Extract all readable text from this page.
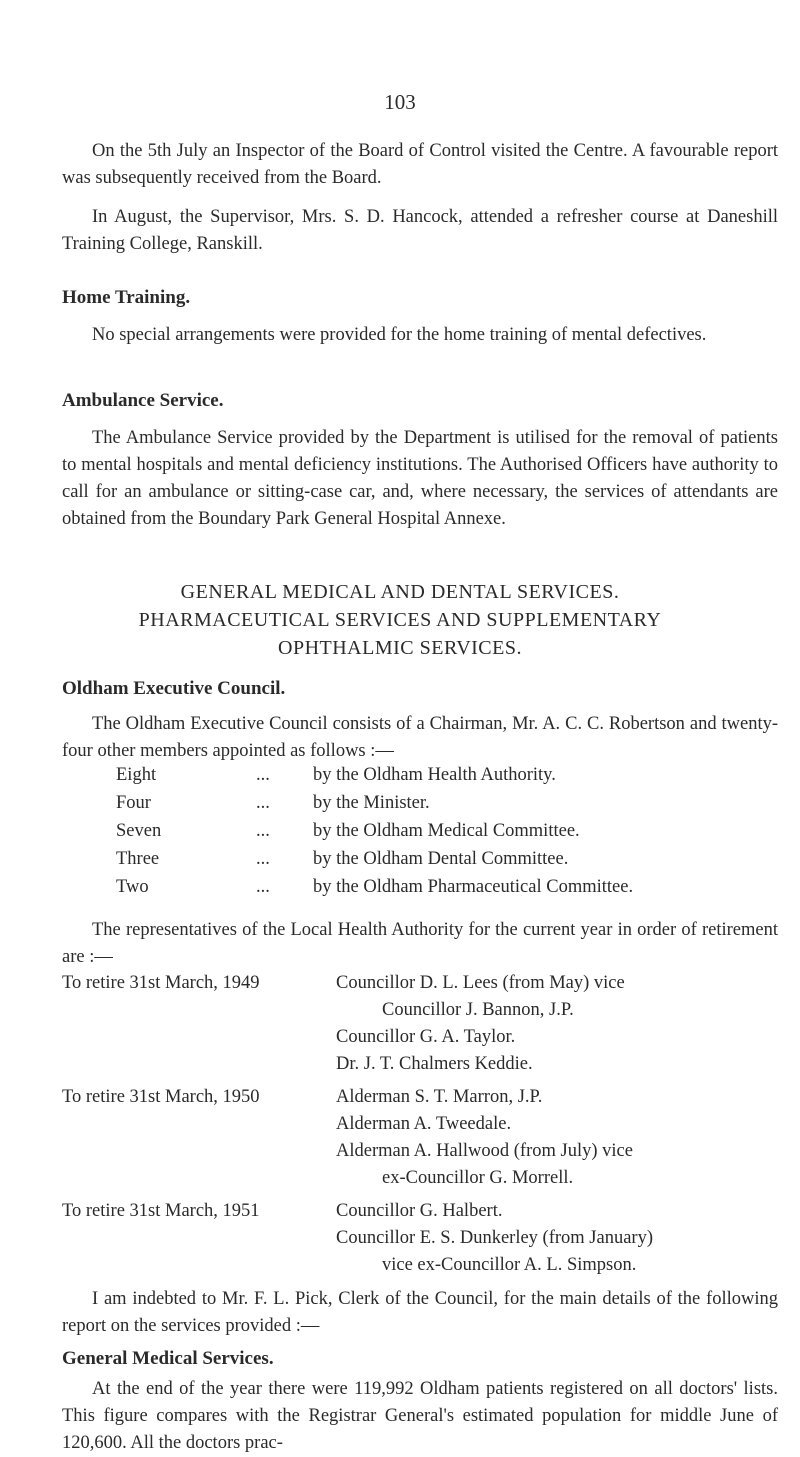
103

On the 5th July an Inspector of the Board of Control visited the Centre. A favourable report was subsequently received from the Board.

In August, the Supervisor, Mrs. S. D. Hancock, attended a refresher course at Daneshill Training College, Ranskill.

Home Training.

No special arrangements were provided for the home training of mental defectives.

Ambulance Service.

The Ambulance Service provided by the Department is utilised for the removal of patients to mental hospitals and mental deficiency institutions. The Authorised Officers have authority to call for an ambulance or sitting-case car, and, where necessary, the services of attendants are obtained from the Boundary Park General Hospital Annexe.

GENERAL MEDICAL AND DENTAL SERVICES.
PHARMACEUTICAL SERVICES AND SUPPLEMENTARY
OPHTHALMIC SERVICES.

Oldham Executive Council.

The Oldham Executive Council consists of a Chairman, Mr. A. C. C. Robertson and twenty-four other members appointed as follows :—

Eight	...	by the Oldham Health Authority.
Four	...	by the Minister.
Seven	...	by the Oldham Medical Committee.
Three	...	by the Oldham Dental Committee.
Two	...	by the Oldham Pharmaceutical Committee.

The representatives of the Local Health Authority for the current year in order of retirement are :—

To retire 31st March, 1949	Councillor D. L. Lees (from May) vice
Councillor J. Bannon, J.P.
Councillor G. A. Taylor.
Dr. J. T. Chalmers Keddie.
To retire 31st March, 1950	Alderman S. T. Marron, J.P.
Alderman A. Tweedale.
Alderman A. Hallwood (from July) vice
ex-Councillor G. Morrell.
To retire 31st March, 1951	Councillor G. Halbert.
Councillor E. S. Dunkerley (from January)
vice ex-Councillor A. L. Simpson.

I am indebted to Mr. F. L. Pick, Clerk of the Council, for the main details of the following report on the services provided :—

General Medical Services.

At the end of the year there were 119,992 Oldham patients registered on all doctors' lists. This figure compares with the Registrar General's estimated population for middle June of 120,600. All the doctors prac-
